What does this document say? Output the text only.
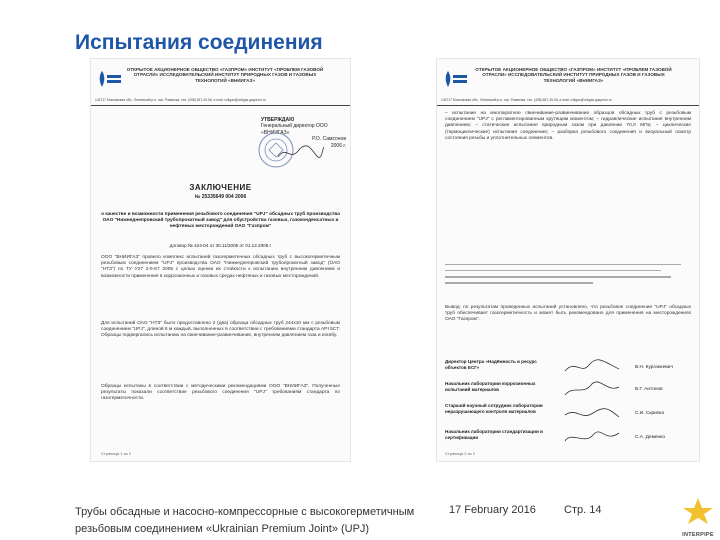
Испытания соединения
ОТКРЫТОЕ АКЦИОНЕРНОЕ ОБЩЕСТВО «ГАЗПРОМ» ИНСТИТУТ «ПРОБЛЕМ ГАЗОВОЙ ОТРАСЛИ» ИССЛЕДОВАТЕЛЬСКИЙ ИНСТИТУТ ПРИРОДНЫХ ГАЗОВ И ГАЗОВЫХ ТЕХНОЛОГИЙ «ВНИИГАЗ»
142717 Московская обл., Ленинский р-н, пос. Развилка, тел. (498) 657-49-06, e-mail: vniigaz@vniigaz.gazprom.ru
УТВЕРЖДАЮ
Генеральный директор ООО «ВНИИГАЗ»
Р.О. Самсонов
2006 г.
ЗАКЛЮЧЕНИЕ
№ 25335649 004 2006
о качестве и возможности применения резьбового соединения "UPJ" обсадных труб производства ОАО "Нижнеднепровский трубопрокатный завод" для обустройства газовых, газоконденсатных и нефтяных месторождений ОАО "Газпром"
договор № 424-04 от 30.11/2005 от 01.12.2005 г
ООО "ВНИИГАЗ" провело комплекс испытаний газогерметичных обсадных труб с высокогерметичным резьбовым соединением "UPJ" производства ОАО "Нижнеднепровский трубопрокатный завод" (ОАО "НТЗ") по ТУ У27 2-5-57 2005 с целью оценки их стойкости к испытанию внутренним давлением и возможности применения в коррозионных и газовых средах нефтяных и газовых месторождений.
Для испытаний ОАО "НТЗ" было предоставлено 2 (два) образца обсадных труб 244х10 мм с резьбовым соединением "UPJ", длиной 6 м каждый, выполненных в соответствии с требованиями стандарта API 5CT. Образцы подвергались испытанию на свинчивание-развинчивание, внутренним давлением газа и изгибу.
Образцы испытаны в соответствии с методическими рекомендациями ООО "ВНИИГАЗ". Полученные результаты показали соответствие резьбового соединения "UPJ" требованиям стандарта по газогерметичности.
Страница 1 из 2
ОТКРЫТОЕ АКЦИОНЕРНОЕ ОБЩЕСТВО «ГАЗПРОМ» ИНСТИТУТ «ПРОБЛЕМ ГАЗОВОЙ ОТРАСЛИ» ИССЛЕДОВАТЕЛЬСКИЙ ИНСТИТУТ ПРИРОДНЫХ ГАЗОВ И ГАЗОВЫХ ТЕХНОЛОГИЙ «ВНИИГАЗ»
142717 Московская обл., Ленинский р-н, пос. Развилка, тел. (498) 657-49-06, e-mail: vniigaz@vniigaz.gazprom.ru
– испытание на многократное свинчивание-развинчивание образцов обсадных труб с резьбовым соединением "UPJ" с регламентированным крутящим моментом; – гидравлические испытания внутренним давлением; – статические испытания природным газом при давлении 70,0 МПа; – циклические (термоциклические) испытания соединения; – разборка резьбового соединения и визуальный осмотр состояния резьбы и уплотнительных элементов.
Вывод: по результатам проведенных испытаний установлено, что резьбовое соединение "UPJ" обсадных труб обеспечивает газогерметичность и может быть рекомендовано для применения на месторождениях ОАО "Газпром".
Директор Центра «Надёжность и ресурс объектов ЕСГ»	В.Н. Курганкевич
Начальник лаборатории коррозионных испытаний материалов	В.Г. Антонов
Старший научный сотрудник лаборатории неразрушающего контроля материалов	С.И. Скрипко
Начальник лаборатории стандартизации и сертификации	С.А. Деменко
Страница 2 из 2
Трубы обсадные и насосно-компрессорные с высокогерметичным резьбовым соединением «Ukrainian Premium Joint» (UPJ)
17 February 2016	Стр. 14
INTERPIPE
